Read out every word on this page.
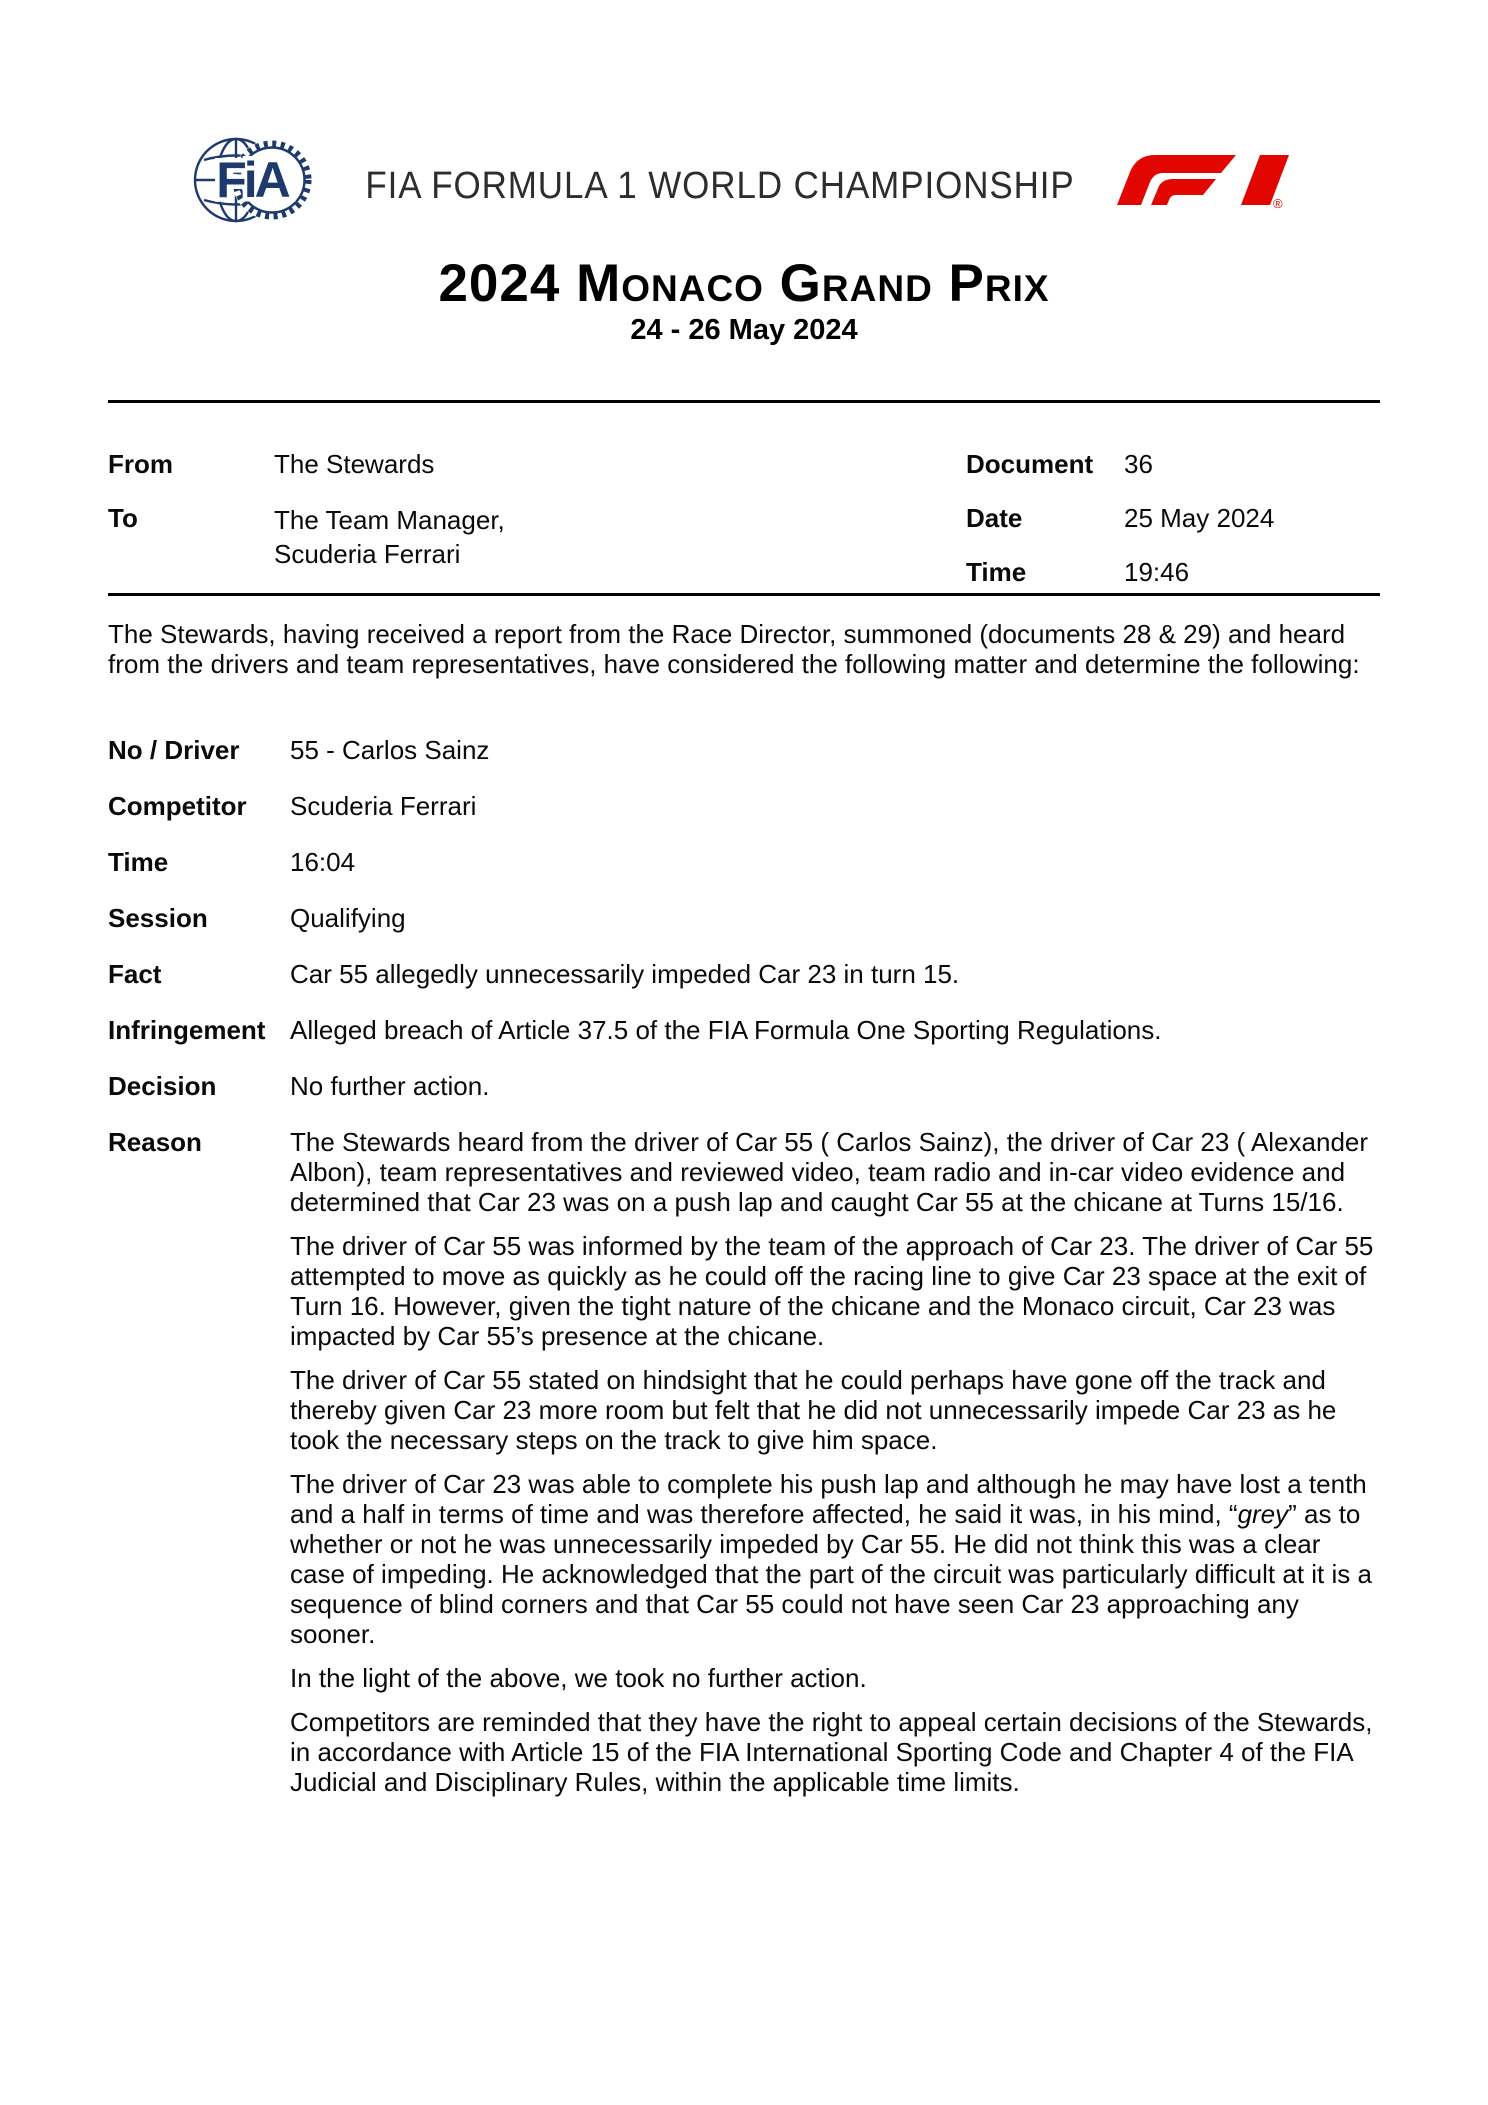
FiA FIA FORMULA 1 WORLD CHAMPIONSHIP	®
2024 Monaco Grand Prix
24 - 26 May 2024
From	The Stewards	Document	36
To	The Team Manager,
Scuderia Ferrari
Date	25 May 2024
Time	19:46

The Stewards, having received a report from the Race Director, summoned (documents 28 & 29) and heard from the drivers and team representatives, have considered the following matter and determine the following:

No / Driver	55 - Carlos Sainz
Competitor	Scuderia Ferrari
Time	16:04
Session	Qualifying
Fact	Car 55 allegedly unnecessarily impeded Car 23 in turn 15.
Infringement Alleged breach of Article 37.5 of the FIA Formula One Sporting Regulations.
Decision	No further action.
Reason	The Stewards heard from the driver of Car 55 ( Carlos Sainz), the driver of Car 23 ( Alexander Albon), team representatives and reviewed video, team radio and in-car video evidence and determined that Car 23 was on a push lap and caught Car 55 at the chicane at Turns 15/16.

The driver of Car 55 was informed by the team of the approach of Car 23. The driver of Car 55 attempted to move as quickly as he could off the racing line to give Car 23 space at the exit of Turn 16. However, given the tight nature of the chicane and the Monaco circuit, Car 23 was impacted by Car 55’s presence at the chicane.

The driver of Car 55 stated on hindsight that he could perhaps have gone off the track and thereby given Car 23 more room but felt that he did not unnecessarily impede Car 23 as he took the necessary steps on the track to give him space.

The driver of Car 23 was able to complete his push lap and although he may have lost a tenth and a half in terms of time and was therefore affected, he said it was, in his mind, “grey” as to whether or not he was unnecessarily impeded by Car 55. He did not think this was a clear case of impeding. He acknowledged that the part of the circuit was particularly difficult at it is a sequence of blind corners and that Car 55 could not have seen Car 23 approaching any sooner.

In the light of the above, we took no further action.

Competitors are reminded that they have the right to appeal certain decisions of the Stewards, in accordance with Article 15 of the FIA International Sporting Code and Chapter 4 of the FIA Judicial and Disciplinary Rules, within the applicable time limits.
